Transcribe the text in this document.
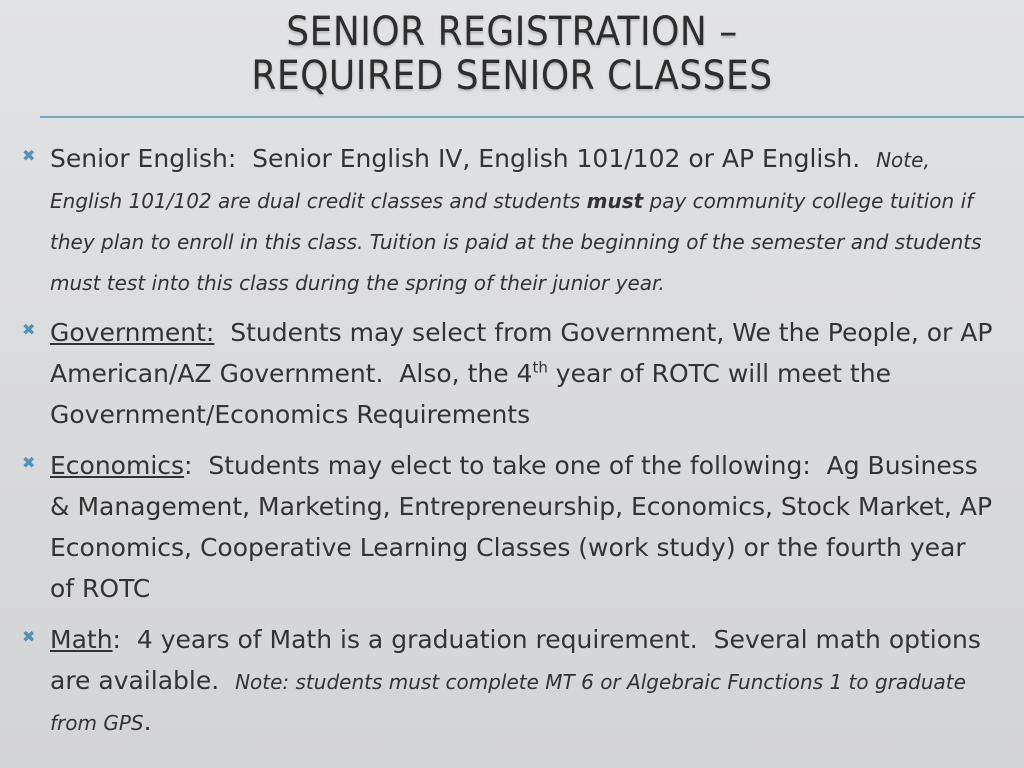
SENIOR REGISTRATION –
REQUIRED SENIOR CLASSES
✖ Senior English:  Senior English IV, English 101/102 or AP English.  Note, English 101/102 are dual credit classes and students must pay community college tuition if they plan to enroll in this class. Tuition is paid at the beginning of the semester and students must test into this class during the spring of their junior year.
✖ Government:  Students may select from Government, We the People, or AP American/AZ Government.  Also, the 4th year of ROTC will meet the Government/Economics Requirements
✖ Economics:  Students may elect to take one of the following:  Ag Business & Management, Marketing, Entrepreneurship, Economics, Stock Market, AP Economics, Cooperative Learning Classes (work study) or the fourth year of ROTC
✖ Math:  4 years of Math is a graduation requirement.  Several math options are available.  Note: students must complete MT 6 or Algebraic Functions 1 to graduate from GPS.
